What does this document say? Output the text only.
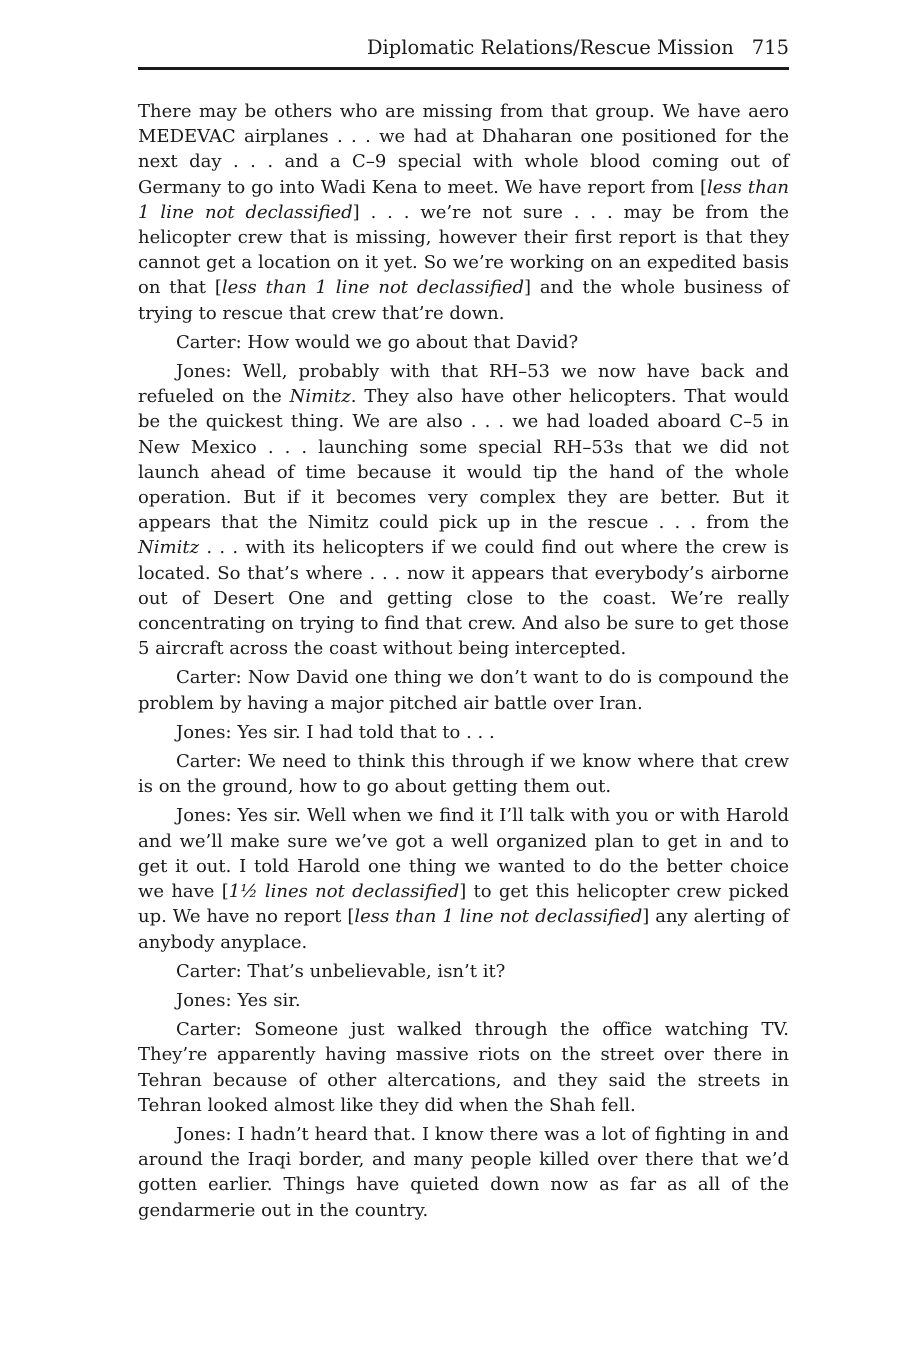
Diplomatic Relations/Rescue Mission 715

There may be others who are missing from that group. We have aero MEDEVAC airplanes . . . we had at Dhaharan one positioned for the next day . . . and a C–9 special with whole blood coming out of Germany to go into Wadi Kena to meet. We have report from [less than 1 line not declassified] . . . we’re not sure . . . may be from the helicopter crew that is missing, however their first report is that they cannot get a location on it yet. So we’re working on an expedited basis on that [less than 1 line not declassified] and the whole business of trying to rescue that crew that’re down.

Carter: How would we go about that David?

Jones: Well, probably with that RH–53 we now have back and refueled on the Nimitz. They also have other helicopters. That would be the quickest thing. We are also . . . we had loaded aboard C–5 in New Mexico . . . launching some special RH–53s that we did not launch ahead of time because it would tip the hand of the whole operation. But if it becomes very complex they are better. But it appears that the Nimitz could pick up in the rescue . . . from the Nimitz . . . with its helicopters if we could find out where the crew is located. So that’s where . . . now it appears that everybody’s airborne out of Desert One and getting close to the coast. We’re really concentrating on trying to find that crew. And also be sure to get those 5 aircraft across the coast without being intercepted.

Carter: Now David one thing we don’t want to do is compound the problem by having a major pitched air battle over Iran.

Jones: Yes sir. I had told that to . . .

Carter: We need to think this through if we know where that crew is on the ground, how to go about getting them out.

Jones: Yes sir. Well when we find it I’ll talk with you or with Harold and we’ll make sure we’ve got a well organized plan to get in and to get it out. I told Harold one thing we wanted to do the better choice we have [1½ lines not declassified] to get this helicopter crew picked up. We have no report [less than 1 line not declassified] any alerting of anybody anyplace.

Carter: That’s unbelievable, isn’t it?

Jones: Yes sir.

Carter: Someone just walked through the office watching TV. They’re apparently having massive riots on the street over there in Tehran because of other altercations, and they said the streets in Tehran looked almost like they did when the Shah fell.

Jones: I hadn’t heard that. I know there was a lot of fighting in and around the Iraqi border, and many people killed over there that we’d gotten earlier. Things have quieted down now as far as all of the gendarmerie out in the country.
